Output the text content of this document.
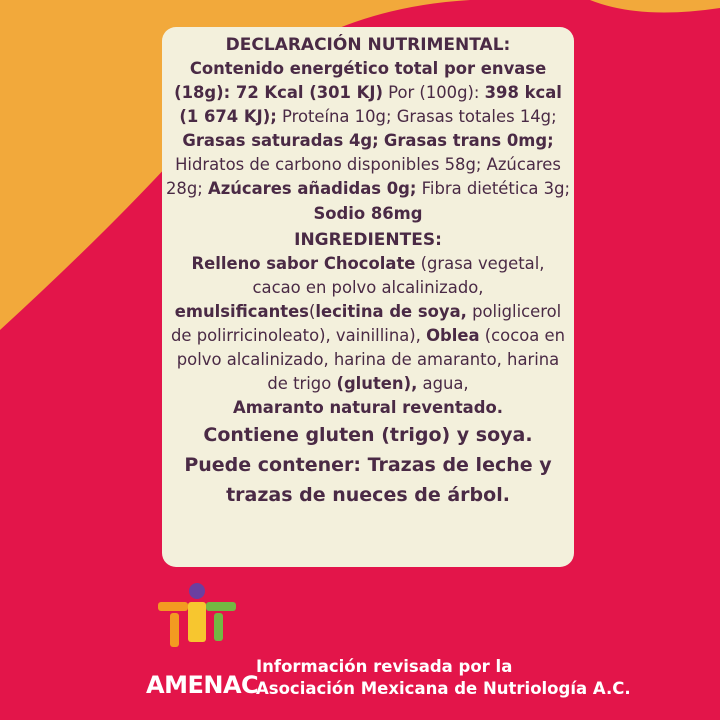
DECLARACIÓN NUTRIMENTAL:

Contenido energético total por envase (18g): 72 Kcal (301 KJ) Por (100g): 398 kcal (1 674 KJ); Proteína 10g; Grasas totales 14g; Grasas saturadas 4g; Grasas trans 0mg; Hidratos de carbono disponibles 58g; Azúcares 28g; Azúcares añadidas 0g; Fibra dietética 3g; Sodio 86mg

INGREDIENTES:

Relleno sabor Chocolate (grasa vegetal, cacao en polvo alcalinizado, emulsificantes(lecitina de soya, poliglicerol de polirricinoleato), vainillina), Oblea (cocoa en polvo alcalinizado, harina de amaranto, harina de trigo (gluten), agua,
Amaranto natural reventado.

Contiene gluten (trigo) y soya.

Puede contener: Trazas de leche y trazas de nueces de árbol.

AMENAC
Información revisada por la
Asociación Mexicana de Nutriología A.C.
